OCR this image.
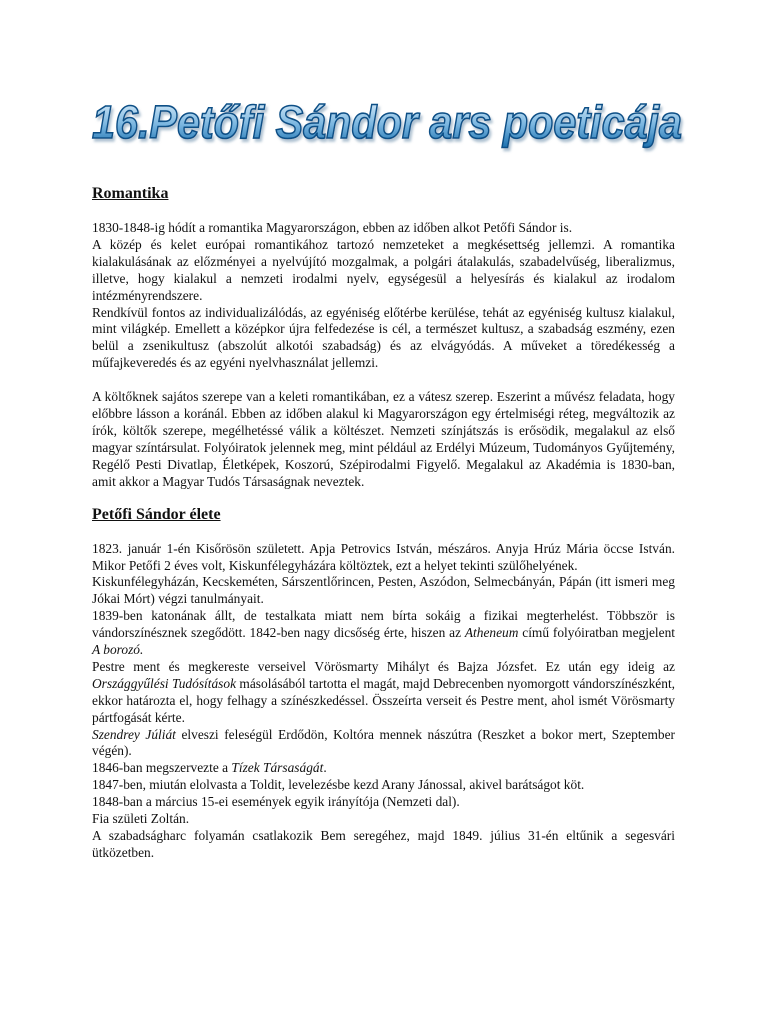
16.Petőfi Sándor ars poeticája
Romantika

1830-1848-ig hódít a romantika Magyarországon, ebben az időben alkot Petőfi Sándor is.

A közép és kelet európai romantikához tartozó nemzeteket a megkésettség jellemzi. A romantika kialakulásának az előzményei a nyelvújító mozgalmak, a polgári átalakulás, szabadelvűség, liberalizmus, illetve, hogy kialakul a nemzeti irodalmi nyelv, egységesül a helyesírás és kialakul az irodalom intézményrendszere.

Rendkívül fontos az individualizálódás, az egyéniség előtérbe kerülése, tehát az egyéniség kultusz kialakul, mint világkép. Emellett a középkor újra felfedezése is cél, a természet kultusz, a szabadság eszmény, ezen belül a zsenikultusz (abszolút alkotói szabadság) és az elvágyódás. A műveket a töredékesség a műfajkeveredés és az egyéni nyelvhasználat jellemzi.

A költőknek sajátos szerepe van a keleti romantikában, ez a vátesz szerep. Eszerint a művész feladata, hogy előbbre lásson a koránál. Ebben az időben alakul ki Magyarországon egy értelmiségi réteg, megváltozik az írók, költők szerepe, megélhetéssé válik a költészet. Nemzeti színjátszás is erősödik, megalakul az első magyar színtársulat. Folyóiratok jelennek meg, mint például az Erdélyi Múzeum, Tudományos Gyűjtemény, Regélő Pesti Divatlap, Életképek, Koszorú, Szépirodalmi Figyelő. Megalakul az Akadémia is 1830-ban, amit akkor a Magyar Tudós Társaságnak neveztek.

Petőfi Sándor élete

1823. január 1-én Kisőrösön született. Apja Petrovics István, mészáros. Anyja Hrúz Mária öccse István. Mikor Petőfi 2 éves volt, Kiskunfélegyházára költöztek, ezt a helyet tekinti szülőhelyének.

Kiskunfélegyházán, Kecskeméten, Sárszentlőrincen, Pesten, Aszódon, Selmecbányán, Pápán (itt ismeri meg Jókai Mórt) végzi tanulmányait.

1839-ben katonának állt, de testalkata miatt nem bírta sokáig a fizikai megterhelést. Többször is vándorszínésznek szegődött. 1842-ben nagy dicsőség érte, hiszen az Atheneum című folyóiratban megjelent A borozó.

Pestre ment és megkereste verseivel Vörösmarty Mihályt és Bajza Józsfet. Ez után egy ideig az Országgyűlési Tudósítások másolásából tartotta el magát, majd Debrecenben nyomorgott vándorszínészként, ekkor határozta el, hogy felhagy a színészkedéssel. Összeírta verseit és Pestre ment, ahol ismét Vörösmarty pártfogását kérte.

Szendrey Júliát elveszi feleségül Erdődön, Koltóra mennek nászútra (Reszket a bokor mert, Szeptember végén).

1846-ban megszervezte a Tízek Társaságát.

1847-ben, miután elolvasta a Toldit, levelezésbe kezd Arany Jánossal, akivel barátságot köt.

1848-ban a március 15-ei események egyik irányítója (Nemzeti dal).

Fia születi Zoltán.

A szabadságharc folyamán csatlakozik Bem seregéhez, majd 1849. július 31-én eltűnik a segesvári ütközetben.
